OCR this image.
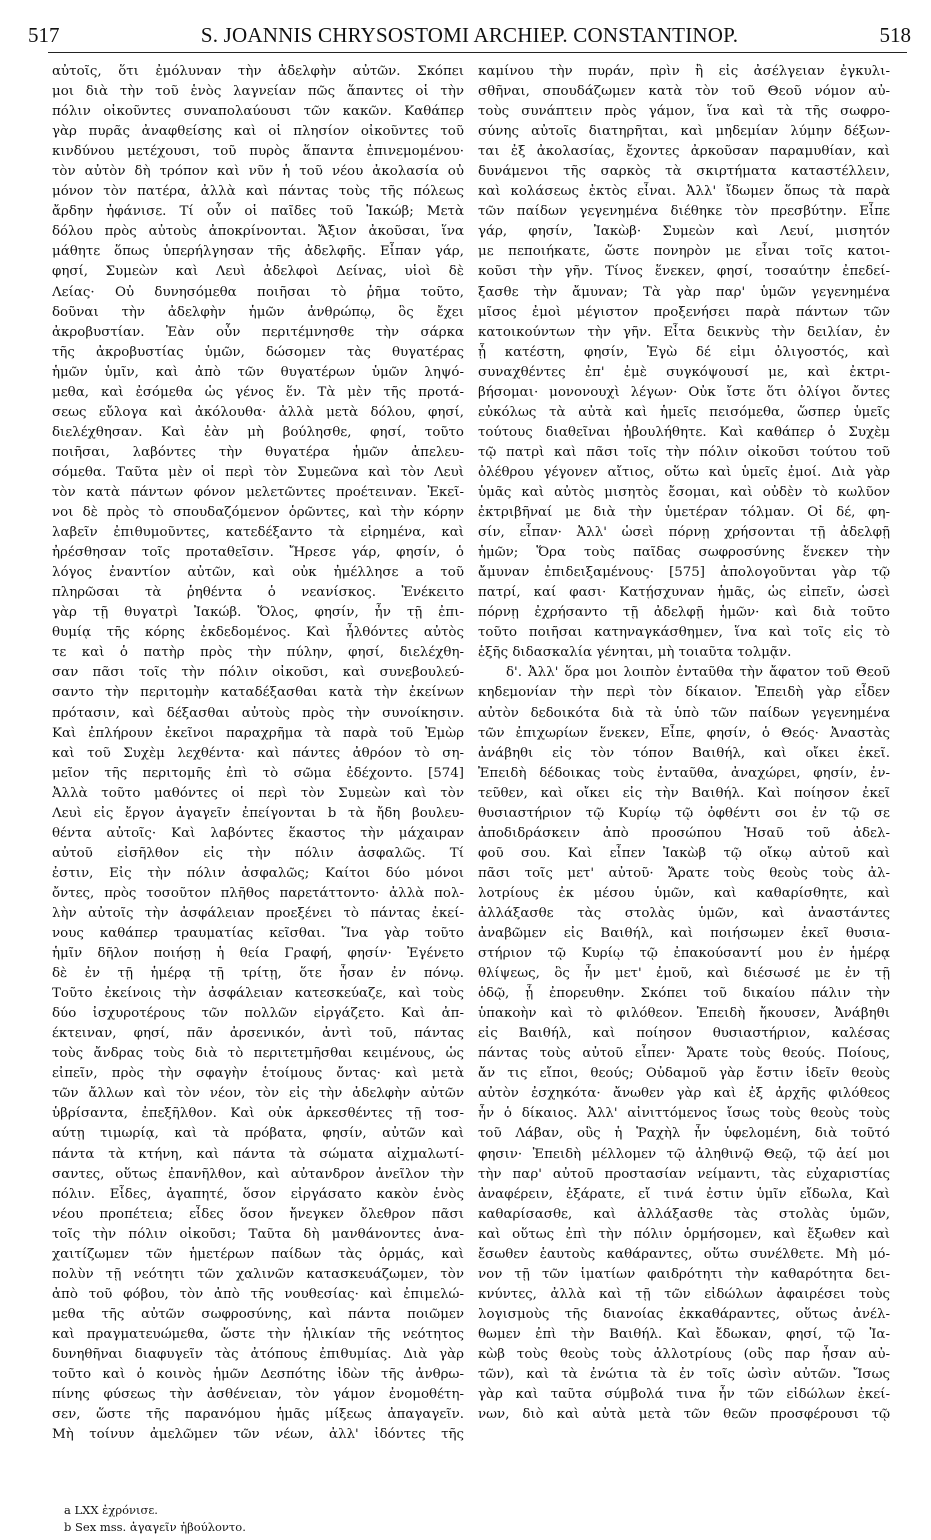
517	S. JOANNIS CHRYSOSTOMI ARCHIEP. CONSTANTINOP.	518
αὐτοῖς, ὅτι ἐμόλυναν τὴν ἀδελφὴν αὐτῶν. Σκόπει
μοι διὰ τὴν τοῦ ἑνὸς λαγνείαν πῶς ἅπαντες οἱ τὴν
πόλιν οἰκοῦντες συναπολαύουσι τῶν κακῶν. Καθάπερ
γὰρ πυρᾶς ἀναφθείσης καὶ οἱ πλησίον οἰκοῦντες τοῦ
κινδύνου μετέχουσι, τοῦ πυρὸς ἅπαντα ἐπινεμομένου·
τὸν αὐτὸν δὴ τρόπον καὶ νῦν ἡ τοῦ νέου ἀκολασία οὐ
μόνον τὸν πατέρα, ἀλλὰ καὶ πάντας τοὺς τῆς πόλεως
ἄρδην ἠφάνισε. Τί οὖν οἱ παῖδες τοῦ Ἰακώβ; Μετὰ
δόλου πρὸς αὐτοὺς ἀποκρίνονται. Ἄξιον ἀκοῦσαι, ἵνα
μάθητε ὅπως ὑπερήλγησαν τῆς ἀδελφῆς. Εἶπαν γάρ,
φησί, Συμεὼν καὶ Λευὶ ἀδελφοὶ Δείνας, υἱοὶ δὲ
Λείας· Οὐ δυνησόμεθα ποιῆσαι τὸ ῥῆμα τοῦτο,
δοῦναι τὴν ἀδελφὴν ἡμῶν ἀνθρώπῳ, ὃς ἔχει
ἀκροβυστίαν. Ἐὰν οὖν περιτέμνησθε τὴν σάρκα
τῆς ἀκροβυστίας ὑμῶν, δώσομεν τὰς θυγατέρας
ἡμῶν ὑμῖν, καὶ ἀπὸ τῶν θυγατέρων ὑμῶν ληψό-
μεθα, καὶ ἐσόμεθα ὡς γένος ἕν. Τὰ μὲν τῆς προτά-
σεως εὔλογα καὶ ἀκόλουθα· ἀλλὰ μετὰ δόλου, φησί,
διελέχθησαν. Καὶ ἐὰν μὴ βούλησθε, φησί, τοῦτο
ποιῆσαι, λαβόντες τὴν θυγατέρα ἡμῶν ἀπελευ-
σόμεθα. Ταῦτα μὲν οἱ περὶ τὸν Συμεῶνα καὶ τὸν Λευὶ
τὸν κατὰ πάντων φόνον μελετῶντες προέτειναν. Ἐκεῖ-
νοι δὲ πρὸς τὸ σπουδαζόμενον ὁρῶντες, καὶ τὴν κόρην
λαβεῖν ἐπιθυμοῦντες, κατεδέξαντο τὰ εἰρημένα, καὶ
ἠρέσθησαν τοῖς προταθεῖσιν. Ἤρεσε γάρ, φησίν, ὁ
λόγος ἐναντίον αὐτῶν, καὶ οὐκ ἠμέλλησε a τοῦ
πληρῶσαι τὰ ῥηθέντα ὁ νεανίσκος. Ἐνέκειτο
γὰρ τῇ θυγατρὶ Ἰακώβ. Ὅλος, φησίν, ἦν τῇ ἐπι-
θυμίᾳ τῆς κόρης ἐκδεδομένος. Καὶ ἦλθόντες αὐτὸς
τε καὶ ὁ πατὴρ πρὸς τὴν πύλην, φησί, διελέχθη-
σαν πᾶσι τοῖς τὴν πόλιν οἰκοῦσι, καὶ συνεβουλεύ-
σαντο τὴν περιτομὴν καταδέξασθαι κατὰ τὴν ἐκείνων
πρότασιν, καὶ δέξασθαι αὐτοὺς πρὸς τὴν συνοίκησιν.
Καὶ ἐπλήρουν ἐκεῖνοι παραχρῆμα τὰ παρὰ τοῦ Ἐμὼρ
καὶ τοῦ Συχὲμ λεχθέντα· καὶ πάντες ἀθρόον τὸ ση-
μεῖον τῆς περιτομῆς ἐπὶ τὸ σῶμα ἐδέχοντο. [574]
Ἀλλὰ τοῦτο μαθόντες οἱ περὶ τὸν Συμεὼν καὶ τὸν
Λευὶ εἰς ἔργον ἀγαγεῖν ἐπείγονται b τὰ ἤδη βουλευ-
θέντα αὐτοῖς· Καὶ λαβόντες ἕκαστος τὴν μάχαιραν
αὐτοῦ εἰσῆλθον εἰς τὴν πόλιν ἀσφαλῶς. Τί
ἐστιν, Εἰς τὴν πόλιν ἀσφαλῶς; Καίτοι δύο μόνοι
ὄντες, πρὸς τοσοῦτον πλῆθος παρετάττοντο· ἀλλὰ πολ-
λὴν αὐτοῖς τὴν ἀσφάλειαν προεξένει τὸ πάντας ἐκεί-
νους καθάπερ τραυματίας κεῖσθαι. Ἵνα γὰρ τοῦτο
ἡμῖν δῆλον ποιήσῃ ἡ θεία Γραφή, φησίν· Ἐγένετο
δὲ ἐν τῇ ἡμέρᾳ τῇ τρίτῃ, ὅτε ἦσαν ἐν πόνῳ.
Τοῦτο ἐκείνοις τὴν ἀσφάλειαν κατεσκεύαζε, καὶ τοὺς
δύο ἰσχυροτέρους τῶν πολλῶν εἰργάζετο. Καὶ ἀπ-
έκτειναν, φησί, πᾶν ἀρσενικόν, ἀντὶ τοῦ, πάντας
τοὺς ἄνδρας τοὺς διὰ τὸ περιτετμῆσθαι κειμένους, ὡς
εἰπεῖν, πρὸς τὴν σφαγὴν ἑτοίμους ὄντας· καὶ μετὰ
τῶν ἄλλων καὶ τὸν νέον, τὸν εἰς τὴν ἀδελφὴν αὐτῶν
ὑβρίσαντα, ἐπεξῆλθον. Καὶ οὐκ ἀρκεσθέντες τῇ τοσ-
αύτῃ τιμωρίᾳ, καὶ τὰ πρόβατα, φησίν, αὐτῶν καὶ
πάντα τὰ κτήνη, καὶ πάντα τὰ σώματα αἰχμαλωτί-
σαντες, οὕτως ἐπανῆλθον, καὶ αὐτανδρον ἀνεῖλον τὴν
πόλιν. Εἶδες, ἀγαπητέ, ὅσον εἰργάσατο κακὸν ἑνὸς
νέου προπέτεια; εἶδες ὅσον ἤνεγκεν ὄλεθρον πᾶσι
τοῖς τὴν πόλιν οἰκοῦσι; Ταῦτα δὴ μανθάνοντες ἀνα-
χαιτίζωμεν τῶν ἡμετέρων παίδων τὰς ὁρμάς, καὶ
πολὺν τῇ νεότητι τῶν χαλινῶν κατασκευάζωμεν, τὸν
ἀπὸ τοῦ φόβου, τὸν ἀπὸ τῆς νουθεσίας· καὶ ἐπιμελώ-
μεθα τῆς αὐτῶν σωφροσύνης, καὶ πάντα ποιῶμεν
καὶ πραγματευώμεθα, ὥστε τὴν ἡλικίαν τῆς νεότητος
δυνηθῆναι διαφυγεῖν τὰς ἀτόπους ἐπιθυμίας. Διὰ γὰρ
τοῦτο καὶ ὁ κοινὸς ἡμῶν Δεσπότης ἰδὼν τῆς ἀνθρω-
πίνης φύσεως τὴν ἀσθένειαν, τὸν γάμον ἐνομοθέτη-
σεν, ὥστε τῆς παρανόμου ἡμᾶς μίξεως ἀπαγαγεῖν.
Μὴ τοίνυν ἀμελῶμεν τῶν νέων, ἀλλ' ἰδόντες τῆς
καμίνου τὴν πυράν, πρὶν ἢ εἰς ἀσέλγειαν ἐγκυλι-
σθῆναι, σπουδάζωμεν κατὰ τὸν τοῦ Θεοῦ νόμον αὐ-
τοὺς συνάπτειν πρὸς γάμον, ἵνα καὶ τὰ τῆς σωφρο-
σύνης αὐτοῖς διατηρῆται, καὶ μηδεμίαν λύμην δέξων-
ται ἐξ ἀκολασίας, ἔχοντες ἀρκοῦσαν παραμυθίαν, καὶ
δυνάμενοι τῆς σαρκὸς τὰ σκιρτήματα καταστέλλειν,
καὶ κολάσεως ἐκτὸς εἶναι. Ἀλλ' ἴδωμεν ὅπως τὰ παρὰ
τῶν παίδων γεγενημένα διέθηκε τὸν πρεσβύτην. Εἶπε
γάρ, φησίν, Ἰακὼβ· Συμεὼν καὶ Λευί, μισητόν
με πεποιήκατε, ὥστε πονηρὸν με εἶναι τοῖς κατοι-
κοῦσι τὴν γῆν. Τίνος ἕνεκεν, φησί, τοσαύτην ἐπεδεί-
ξασθε τὴν ἄμυναν; Τὰ γὰρ παρ' ὑμῶν γεγενημένα
μῖσος ἐμοὶ μέγιστον προξενήσει παρὰ πάντων τῶν
κατοικούντων τὴν γῆν. Εἶτα δεικνὺς τὴν δειλίαν, ἐν
ᾗ κατέστη, φησίν, Ἐγὼ δέ εἰμι ὀλιγοστός, καὶ
συναχθέντες ἐπ' ἐμὲ συγκόψουσί με, καὶ ἐκτρι-
βήσομαι· μονονουχὶ λέγων· Οὐκ ἴστε ὅτι ὀλίγοι ὄντες
εὐκόλως τὰ αὐτὰ καὶ ἡμεῖς πεισόμεθα, ὥσπερ ὑμεῖς
τούτους διαθεῖναι ἠβουλήθητε. Καὶ καθάπερ ὁ Συχὲμ
τῷ πατρὶ καὶ πᾶσι τοῖς τὴν πόλιν οἰκοῦσι τούτου τοῦ
ὀλέθρου γέγονεν αἴτιος, οὕτω καὶ ὑμεῖς ἐμοί. Διὰ γὰρ
ὑμᾶς καὶ αὐτὸς μισητὸς ἔσομαι, καὶ οὐδὲν τὸ κωλῦον
ἐκτριβῆναί με διὰ τὴν ὑμετέραν τόλμαν. Οἱ δέ, φη-
σίν, εἶπαν· Ἀλλ' ὡσεὶ πόρνῃ χρήσονται τῇ ἀδελφῇ
ἡμῶν; Ὅρα τοὺς παῖδας σωφροσύνης ἕνεκεν τὴν
ἄμυναν ἐπιδειξαμένους· [575] ἀπολογοῦνται γὰρ τῷ
πατρί, καί φασι· Κατῄσχυναν ἡμᾶς, ὡς εἰπεῖν, ὡσεὶ
πόρνῃ ἐχρήσαντο τῇ ἀδελφῇ ἡμῶν· καὶ διὰ τοῦτο
τοῦτο ποιῆσαι κατηναγκάσθημεν, ἵνα καὶ τοῖς εἰς τὸ
ἑξῆς διδασκαλία γένηται, μὴ τοιαῦτα τολμᾷν.
δ'. Ἀλλ' ὅρα μοι λοιπὸν ἐνταῦθα τὴν ἄφατον τοῦ Θεοῦ
κηδεμονίαν τὴν περὶ τὸν δίκαιον. Ἐπειδὴ γὰρ εἶδεν
αὐτὸν δεδοικότα διὰ τὰ ὑπὸ τῶν παίδων γεγενημένα
τῶν ἐπιχωρίων ἕνεκεν, Εἶπε, φησίν, ὁ Θεός· Ἀναστὰς
ἀνάβηθι εἰς τὸν τόπον Βαιθήλ, καὶ οἴκει ἐκεῖ.
Ἐπειδὴ δέδοικας τοὺς ἐνταῦθα, ἀναχώρει, φησίν, ἐν-
τεῦθεν, καὶ οἴκει εἰς τὴν Βαιθήλ. Καὶ ποίησον ἐκεῖ
θυσιαστήριον τῷ Κυρίῳ τῷ ὀφθέντι σοι ἐν τῷ σε
ἀποδιδράσκειν ἀπὸ προσώπου Ἡσαῦ τοῦ ἀδελ-
φοῦ σου. Καὶ εἶπεν Ἰακὼβ τῷ οἴκῳ αὐτοῦ καὶ
πᾶσι τοῖς μετ' αὐτοῦ· Ἄρατε τοὺς θεοὺς τοὺς ἀλ-
λοτρίους ἐκ μέσου ὑμῶν, καὶ καθαρίσθητε, καὶ
ἀλλάξασθε τὰς στολὰς ὑμῶν, καὶ ἀναστάντες
ἀναβῶμεν εἰς Βαιθήλ, καὶ ποιήσωμεν ἐκεῖ θυσια-
στήριον τῷ Κυρίῳ τῷ ἐπακούσαντί μου ἐν ἡμέρᾳ
θλίψεως, ὃς ἦν μετ' ἐμοῦ, καὶ διέσωσέ με ἐν τῇ
ὁδῷ, ᾗ ἐπορευθην. Σκόπει τοῦ δικαίου πάλιν τὴν
ὑπακοὴν καὶ τὸ φιλόθεον. Ἐπειδὴ ἤκουσεν, Ἀνάβηθι
εἰς Βαιθήλ, καὶ ποίησον θυσιαστήριον, καλέσας
πάντας τοὺς αὐτοῦ εἶπεν· Ἄρατε τοὺς θεούς. Ποίους,
ἄν τις εἴποι, θεούς; Οὐδαμοῦ γὰρ ἔστιν ἰδεῖν θεοὺς
αὐτὸν ἐσχηκότα· ἄνωθεν γὰρ καὶ ἐξ ἀρχῆς φιλόθεος
ἦν ὁ δίκαιος. Ἀλλ' αἰνιττόμενος ἴσως τοὺς θεοὺς τοὺς
τοῦ Λάβαν, οὓς ἡ Ῥαχὴλ ἦν ὑφελομένη, διὰ τοῦτό
φησιν· Ἐπειδὴ μέλλομεν τῷ ἀληθινῷ Θεῷ, τῷ ἀεί μοι
τὴν παρ' αὐτοῦ προστασίαν νείμαντι, τὰς εὐχαριστίας
ἀναφέρειν, ἐξάρατε, εἴ τινά ἐστιν ὑμῖν εἴδωλα, Καὶ
καθαρίσασθε, καὶ ἀλλάξασθε τὰς στολὰς ὑμῶν,
καὶ οὕτως ἐπὶ τὴν πόλιν ὁρμήσομεν, καὶ ἔξωθεν καὶ
ἔσωθεν ἑαυτοὺς καθάραντες, οὕτω συνέλθετε. Μὴ μό-
νον τῇ τῶν ἱματίων φαιδρότητι τὴν καθαρότητα δει-
κνύντες, ἀλλὰ καὶ τῇ τῶν εἰδώλων ἀφαιρέσει τοὺς
λογισμοὺς τῆς διανοίας ἐκκαθάραντες, οὕτως ἀνέλ-
θωμεν ἐπὶ τὴν Βαιθήλ. Καὶ ἔδωκαν, φησί, τῷ Ἰα-
κὼβ τοὺς θεοὺς τοὺς ἀλλοτρίους (οὓς παρ ἦσαν αὐ-
τῶν), καὶ τὰ ἐνώτια τὰ ἐν τοῖς ὠσὶν αὐτῶν. Ἴσως
γὰρ καὶ ταῦτα σύμβολά τινα ἦν τῶν εἰδώλων ἐκεί-
νων, διὸ καὶ αὐτὰ μετὰ τῶν θεῶν προσφέρουσι τῷ
a LXX ἐχρόνισε.
b Sex mss. ἀγαγεῖν ἠβούλοντο.
